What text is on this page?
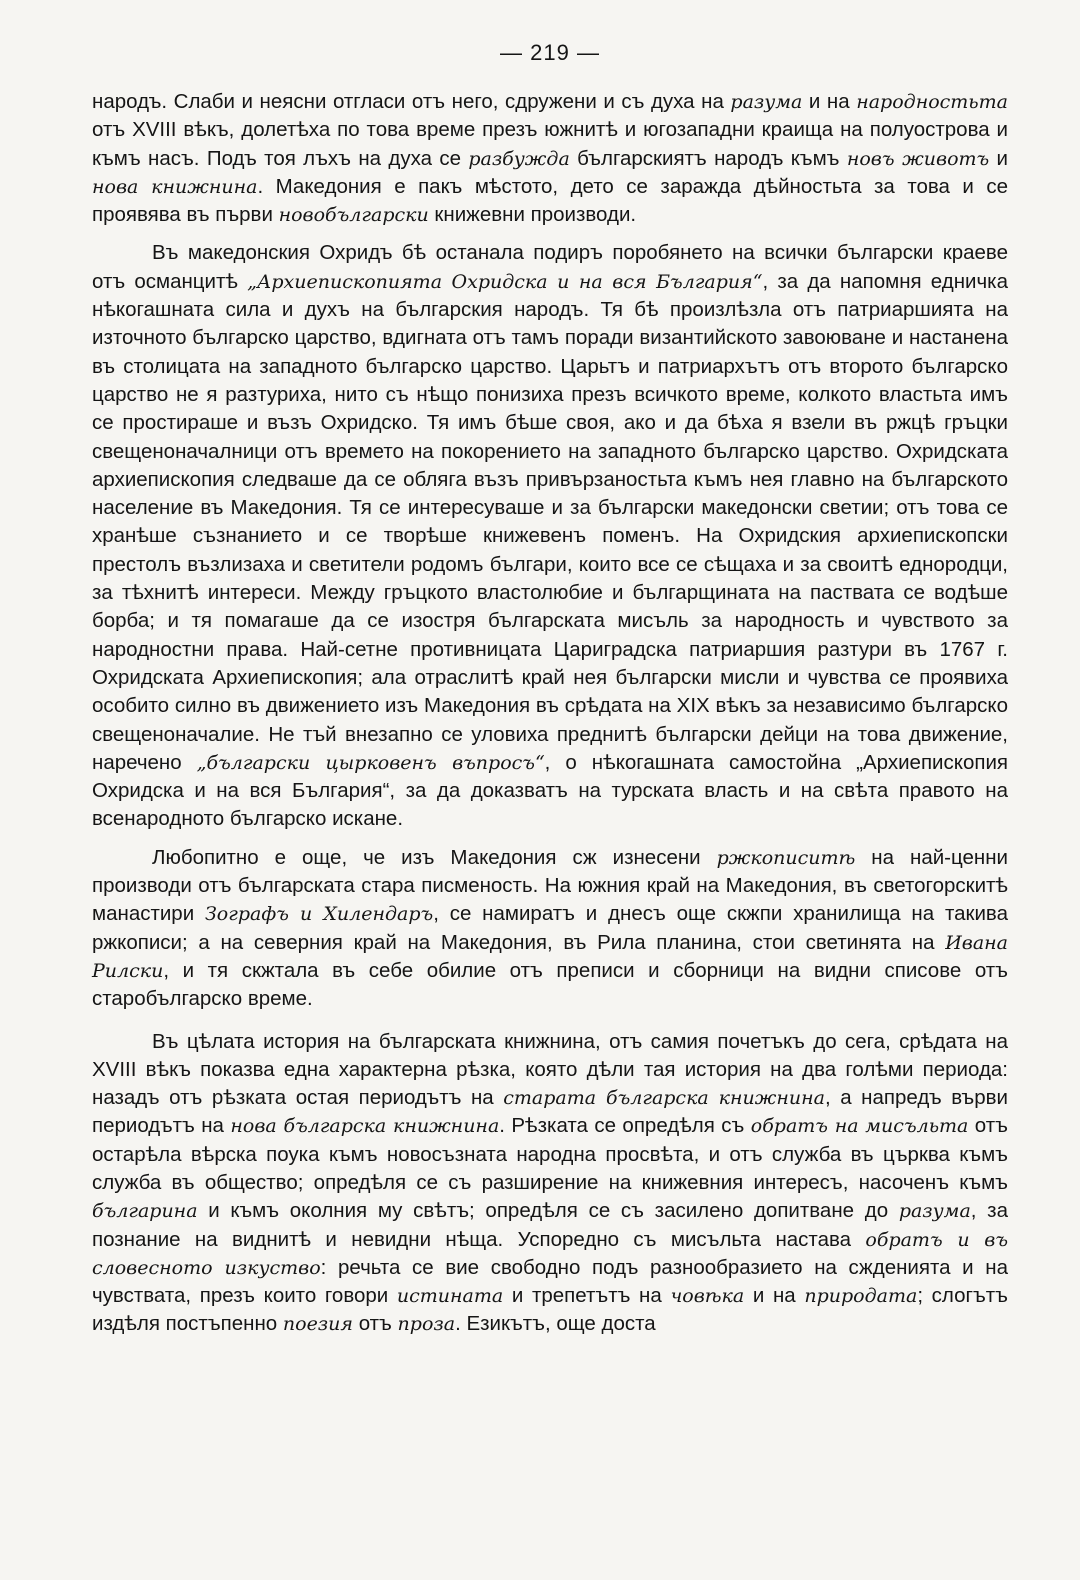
— 219 —

народъ. Слаби и неясни отгласи отъ него, сдружени и съ духа на разума и на народностьта отъ XVIII вѣкъ, долетѣха по това време презъ южнитѣ и югозападни краища на полуострова и къмъ насъ. Подъ тоя лъхъ на духа се разбужда българскиятъ народъ къмъ новъ животъ и нова книжнина. Македония е пакъ мѣстото, дето се зарaжда дѣйностьта за това и се проявява въ първи новобългарски книжевни производи.

Въ македонския Охридъ бѣ останала подиръ поробянето на всички български краеве отъ османцитѣ „Архиепископията Охридска и на вся България“, за да напомня едничка нѣкогашната сила и духъ на българския народъ. Тя бѣ произлѣзла отъ патриаршията на източното българско царство, вдигната отъ тамъ поради византийското завоюване и настанена въ столицата на западното българско царство. Царьтъ и патриархътъ отъ второто българско царство не я разтуриха, нито съ нѣщо понизиха презъ всичкото време, колкото властьта имъ се простираше и възъ Охридско. Тя имъ бѣше своя, ако и да бѣха я взели въ ржцѣ гръцки свещеноначалници отъ времето на покорението на западното българско царство. Охридската архиепископия следваше да се обляга възъ привързаностьта къмъ нея главно на българското население въ Македония. Тя се интересуваше и за български македонски светии; отъ това се хранѣше съзнанието и се творѣше книжевенъ поменъ. На Охридския архиепископски престолъ възлизаха и светители родомъ българи, които все се сѣщаха и за своитѣ еднородци, за тѣхнитѣ интереси. Между гръцкото властолюбие и българщината на паствата се водѣше борба; и тя помагаше да се изостря българската мисъль за народность и чувството за народностни права. Най-сетне противницата Цариградска патриаршия разтури въ 1767 г. Охридската Архиепископия; ала отраслитѣ край нея български мисли и чувства се проявиха особито силно въ движението изъ Македония въ срѣдата на XIX вѣкъ за независимо българско свещеноначалие. Не тъй внезапно се уловиха преднитѣ български дейци на това движение, наречено „български цырковенъ въпросъ“, о нѣкогашната самостойна „Архиепископия Охридска и на вся България“, за да доказватъ на турската власть и на свѣта правото на всенародното българско искане.

Любопитно е още, че изъ Македония сж изнесени ржкописитѣ на най-ценни производи отъ българската стара писменость. На южния край на Македония, въ светогорскитѣ манастири Зографъ и Хилендаръ, се намиратъ и днесъ още скжпи хранилища на такива ржкописи; а на северния край на Македония, въ Рила планина, стои светинята на Ивана Рилски, и тя скжтала въ себе обилие отъ преписи и сборници на видни списове отъ старобългарско време.

Въ цѣлата история на българската книжнина, отъ самия почетъкъ до сега, срѣдата на XVIII вѣкъ показва една характерна рѣзка, която дѣли тая история на два голѣми периода: назадъ отъ рѣзката остая периодътъ на старата българска книжнина, а напредъ върви периодътъ на нова българска книжнина. Рѣзката се опредѣля съ обратъ на мисъльта отъ остарѣла вѣрска поука къмъ новосъзната народна просвѣта, и отъ служба въ църква къмъ служба въ общество; опредѣля се съ разширение на книжевния интересъ, насоченъ къмъ българина и къмъ околния му свѣтъ; опредѣля се съ засилено допитване до разума, за познание на виднитѣ и невидни нѣща. Успоредно съ мисъльта настава обратъ и въ словесното изкуство: речьта се вие свободно подъ разнообразието на сжденията и на чувствата, презъ които говори истината и трепетътъ на човѣка и на природата; слогътъ издѣля постъпенно поезия отъ проза. Езикътъ, още доста
